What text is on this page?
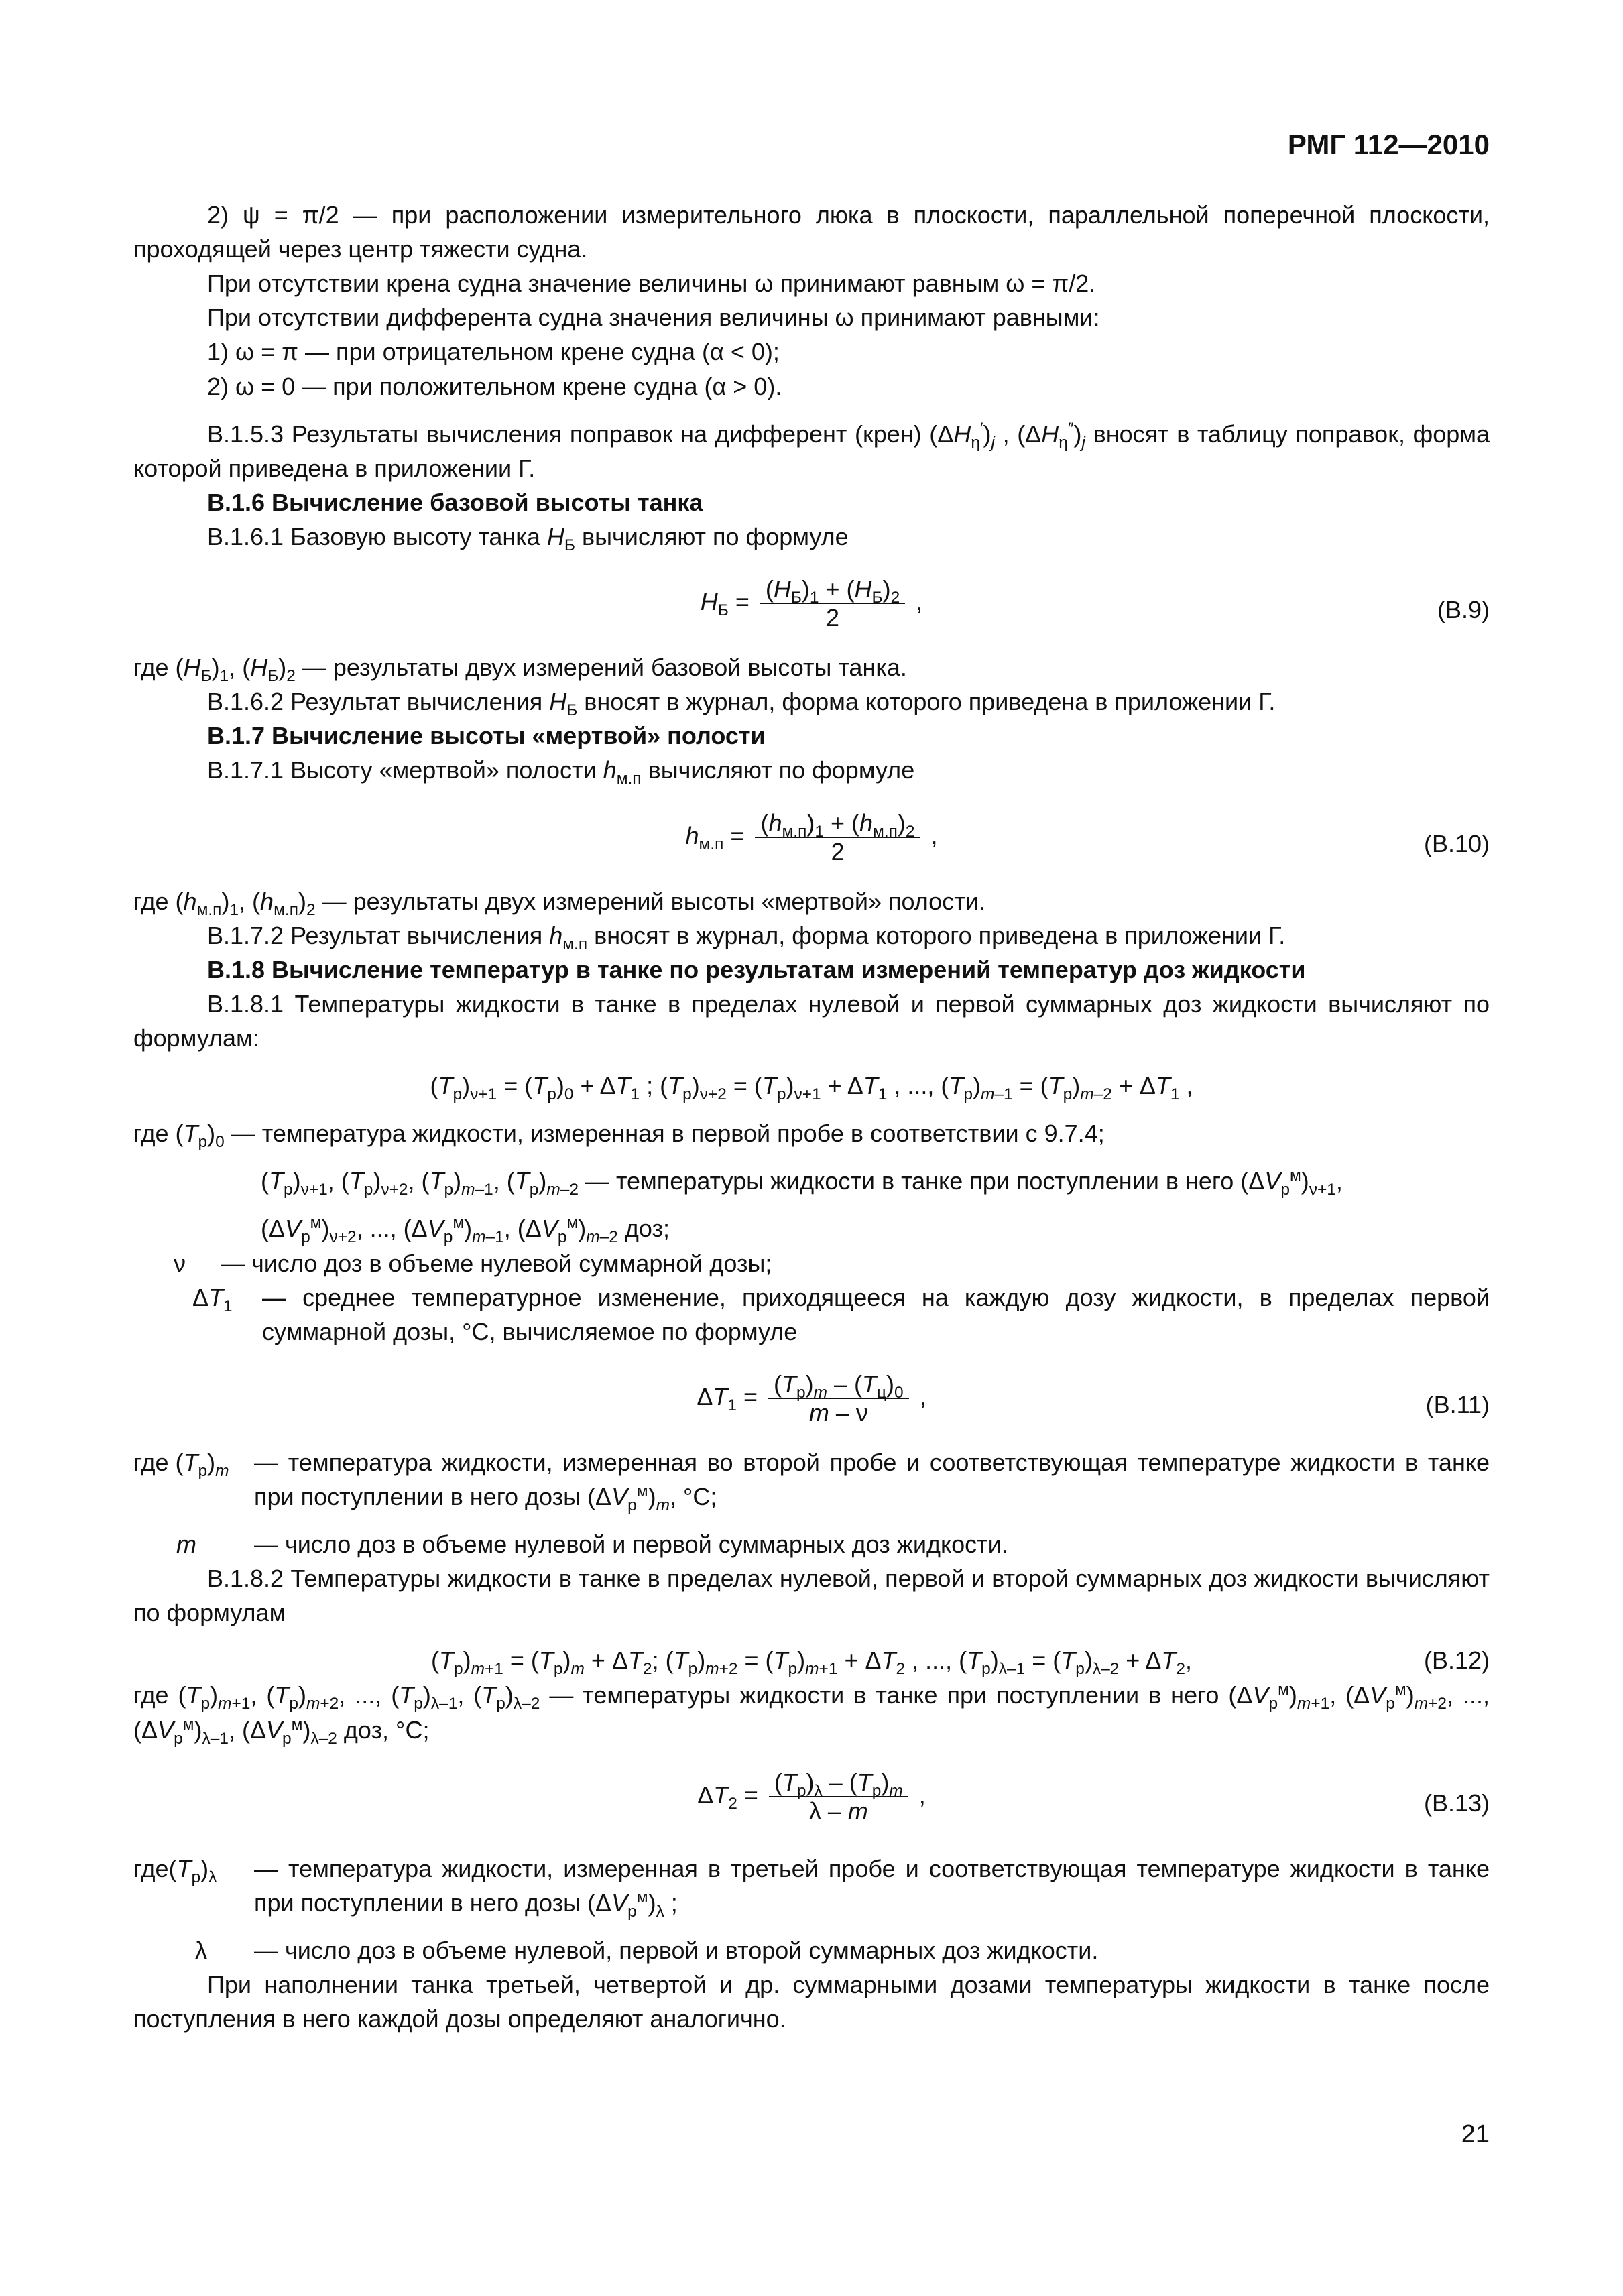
РМГ 112—2010

2) ψ = π/2 — при расположении измерительного люка в плоскости, параллельной поперечной плоскости, проходящей через центр тяжести судна.

При отсутствии крена судна значение величины ω принимают равным ω = π/2.

При отсутствии дифферента судна значения величины ω принимают равными:

1) ω = π — при отрицательном крене судна (α < 0);

2) ω = 0 — при положительном крене судна (α > 0).

В.1.5.3 Результаты вычисления поправок на дифферент (крен) $(\Delta H_\eta')_j$ , $(\Delta H_\eta'')_j$ вносят в таблицу поправок, форма которой приведена в приложении Г.

В.1.6 Вычисление базовой высоты танка

В.1.6.1 Базовую высоту танка $H_Б$ вычисляют по формуле

$H_Б = \frac{(H_Б)_1 + (H_Б)_2}{2}$ ,	(В.9)

где $(H_Б)_1$, $(H_Б)_2$ — результаты двух измерений базовой высоты танка.

В.1.6.2 Результат вычисления $H_Б$ вносят в журнал, форма которого приведена в приложении Г.

В.1.7 Вычисление высоты «мертвой» полости

В.1.7.1 Высоту «мертвой» полости $h_{м.п}$ вычисляют по формуле

$h_{м.п} = \frac{(h_{м.п})_1 + (h_{м.п})_2}{2}$ ,	(В.10)

где $(h_{м.п})_1$, $(h_{м.п})_2$ — результаты двух измерений высоты «мертвой» полости.

В.1.7.2 Результат вычисления $h_{м.п}$ вносят в журнал, форма которого приведена в приложении Г.

В.1.8 Вычисление температур в танке по результатам измерений температур доз жидкости

В.1.8.1 Температуры жидкости в танке в пределах нулевой и первой суммарных доз жидкости вычисляют по формулам:

$(T_р)_{\nu+1} = (T_р)_0 + \Delta T_1$ ; $(T_р)_{\nu+2} = (T_р)_{\nu+1} + \Delta T_1$ , ..., $(T_р)_{m-1} = (T_р)_{m-2} + \Delta T_1$ ,

где $(T_р)_0$ — температура жидкости, измеренная в первой пробе в соответствии с 9.7.4;

$(T_р)_{\nu+1}$, $(T_р)_{\nu+2}$, $(T_р)_{m-1}$, $(T_р)_{m-2}$ — температуры жидкости в танке при поступлении в него $(\Delta V_р^м)_{\nu+1}$,

$(\Delta V_р^м)_{\nu+2}$, ..., $(\Delta V_р^м)_{m-1}$, $(\Delta V_р^м)_{m-2}$ доз;

ν	— число доз в объеме нулевой суммарной дозы;
$\Delta T_1$	— среднее температурное изменение, приходящееся на каждую дозу жидкости, в пределах первой суммарной дозы, °С, вычисляемое по формуле
$\Delta T_1 = \frac{(T_р)_m - (T_ц)_0}{m - \nu}$ ,	(В.11)
где $(T_р)_m$	— температура жидкости, измеренная во второй пробе и соответствующая температуре жидкости в танке при поступлении в него дозы $(\Delta V_р^м)_m$, °С;
m	— число доз в объеме нулевой и первой суммарных доз жидкости.

В.1.8.2 Температуры жидкости в танке в пределах нулевой, первой и второй суммарных доз жидкости вычисляют по формулам

$(T_р)_{m+1} = (T_р)_m + \Delta T_2$; $(T_р)_{m+2} = (T_р)_{m+1} + \Delta T_2$ , ..., $(T_р)_{\lambda-1} = (T_р)_{\lambda-2} + \Delta T_2$,	(В.12)

где $(T_р)_{m+1}$, $(T_р)_{m+2}$, ..., $(T_р)_{\lambda-1}$, $(T_р)_{\lambda-2}$ — температуры жидкости в танке при поступлении в него $(\Delta V_р^м)_{m+1}$, $(\Delta V_р^м)_{m+2}$, ..., $(\Delta V_р^м)_{\lambda-1}$, $(\Delta V_р^м)_{\lambda-2}$ доз, °С;

$\Delta T_2 = \frac{(T_р)_\lambda - (T_р)_m}{\lambda - m}$ ,	(В.13)
$где(T_р)_\lambda$	— температура жидкости, измеренная в третьей пробе и соответствующая температуре жидкости в танке при поступлении в него дозы $(\Delta V_р^м)_\lambda$ ;
λ	— число доз в объеме нулевой, первой и второй суммарных доз жидкости.

При наполнении танка третьей, четвертой и др. суммарными дозами температуры жидкости в танке после поступления в него каждой дозы определяют аналогично.

21
